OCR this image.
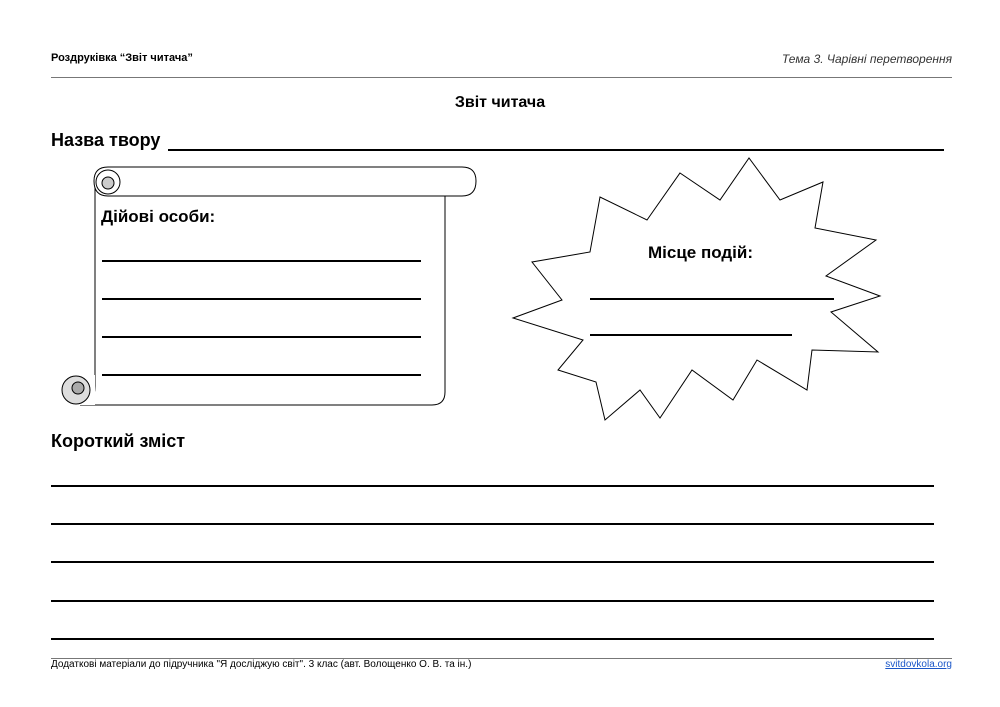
Роздруківка “Звіт читача”	Тема 3. Чарівні перетворення
Звіт читача
Назва твору
Дійові особи:
Місце подій:
Короткий зміст
Додаткові матеріали до підручника "Я досліджую світ". 3 клас (авт. Волощенко О. В. та ін.)	svitdovkola.org
